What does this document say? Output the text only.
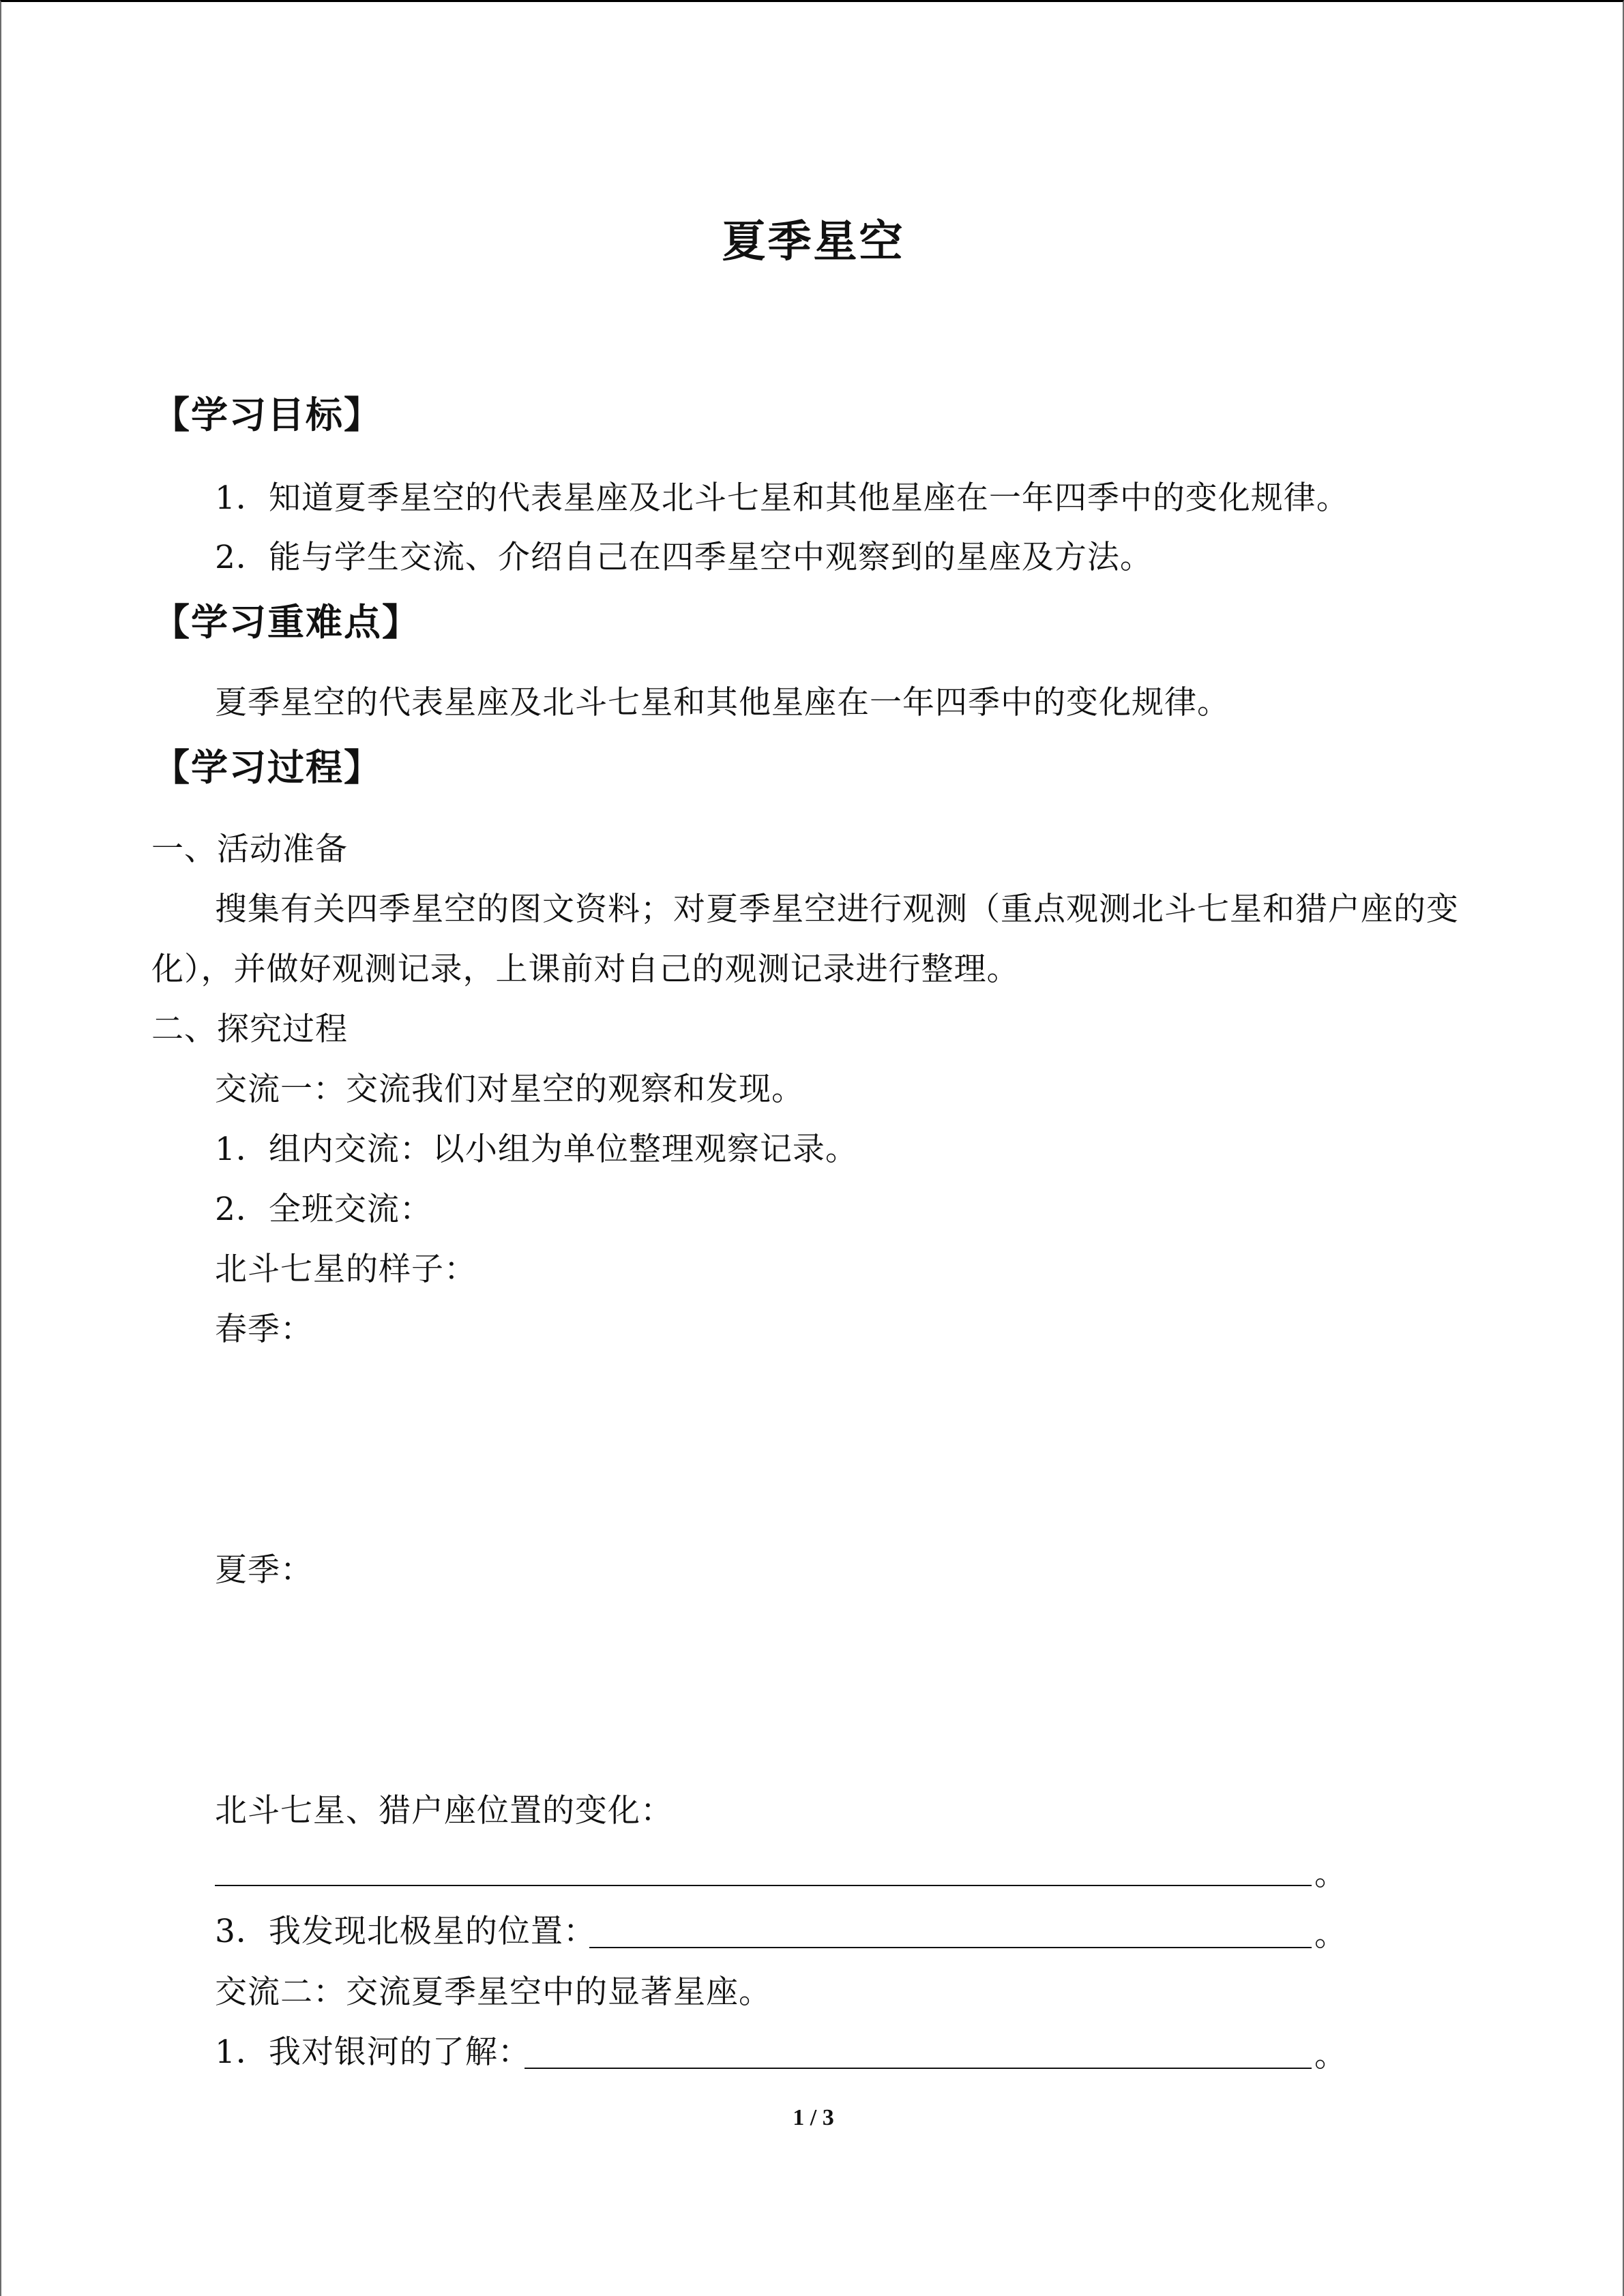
夏季星空
【学习目标】
1．知道夏季星空的代表星座及北斗七星和其他星座在一年四季中的变化规律。
2．能与学生交流、介绍自己在四季星空中观察到的星座及方法。
【学习重难点】
夏季星空的代表星座及北斗七星和其他星座在一年四季中的变化规律。
【学习过程】
一、活动准备
搜集有关四季星空的图文资料；对夏季星空进行观测（重点观测北斗七星和猎户座的变
化），并做好观测记录，上课前对自己的观测记录进行整理。
二、探究过程
交流一：交流我们对星空的观察和发现。
1．组内交流：以小组为单位整理观察记录。
2．全班交流：
北斗七星的样子：
春季：
夏季：
北斗七星、猎户座位置的变化：
。
3．我发现北极星的位置：	。
交流二：交流夏季星空中的显著星座。
1．我对银河的了解：	。
1 / 3
